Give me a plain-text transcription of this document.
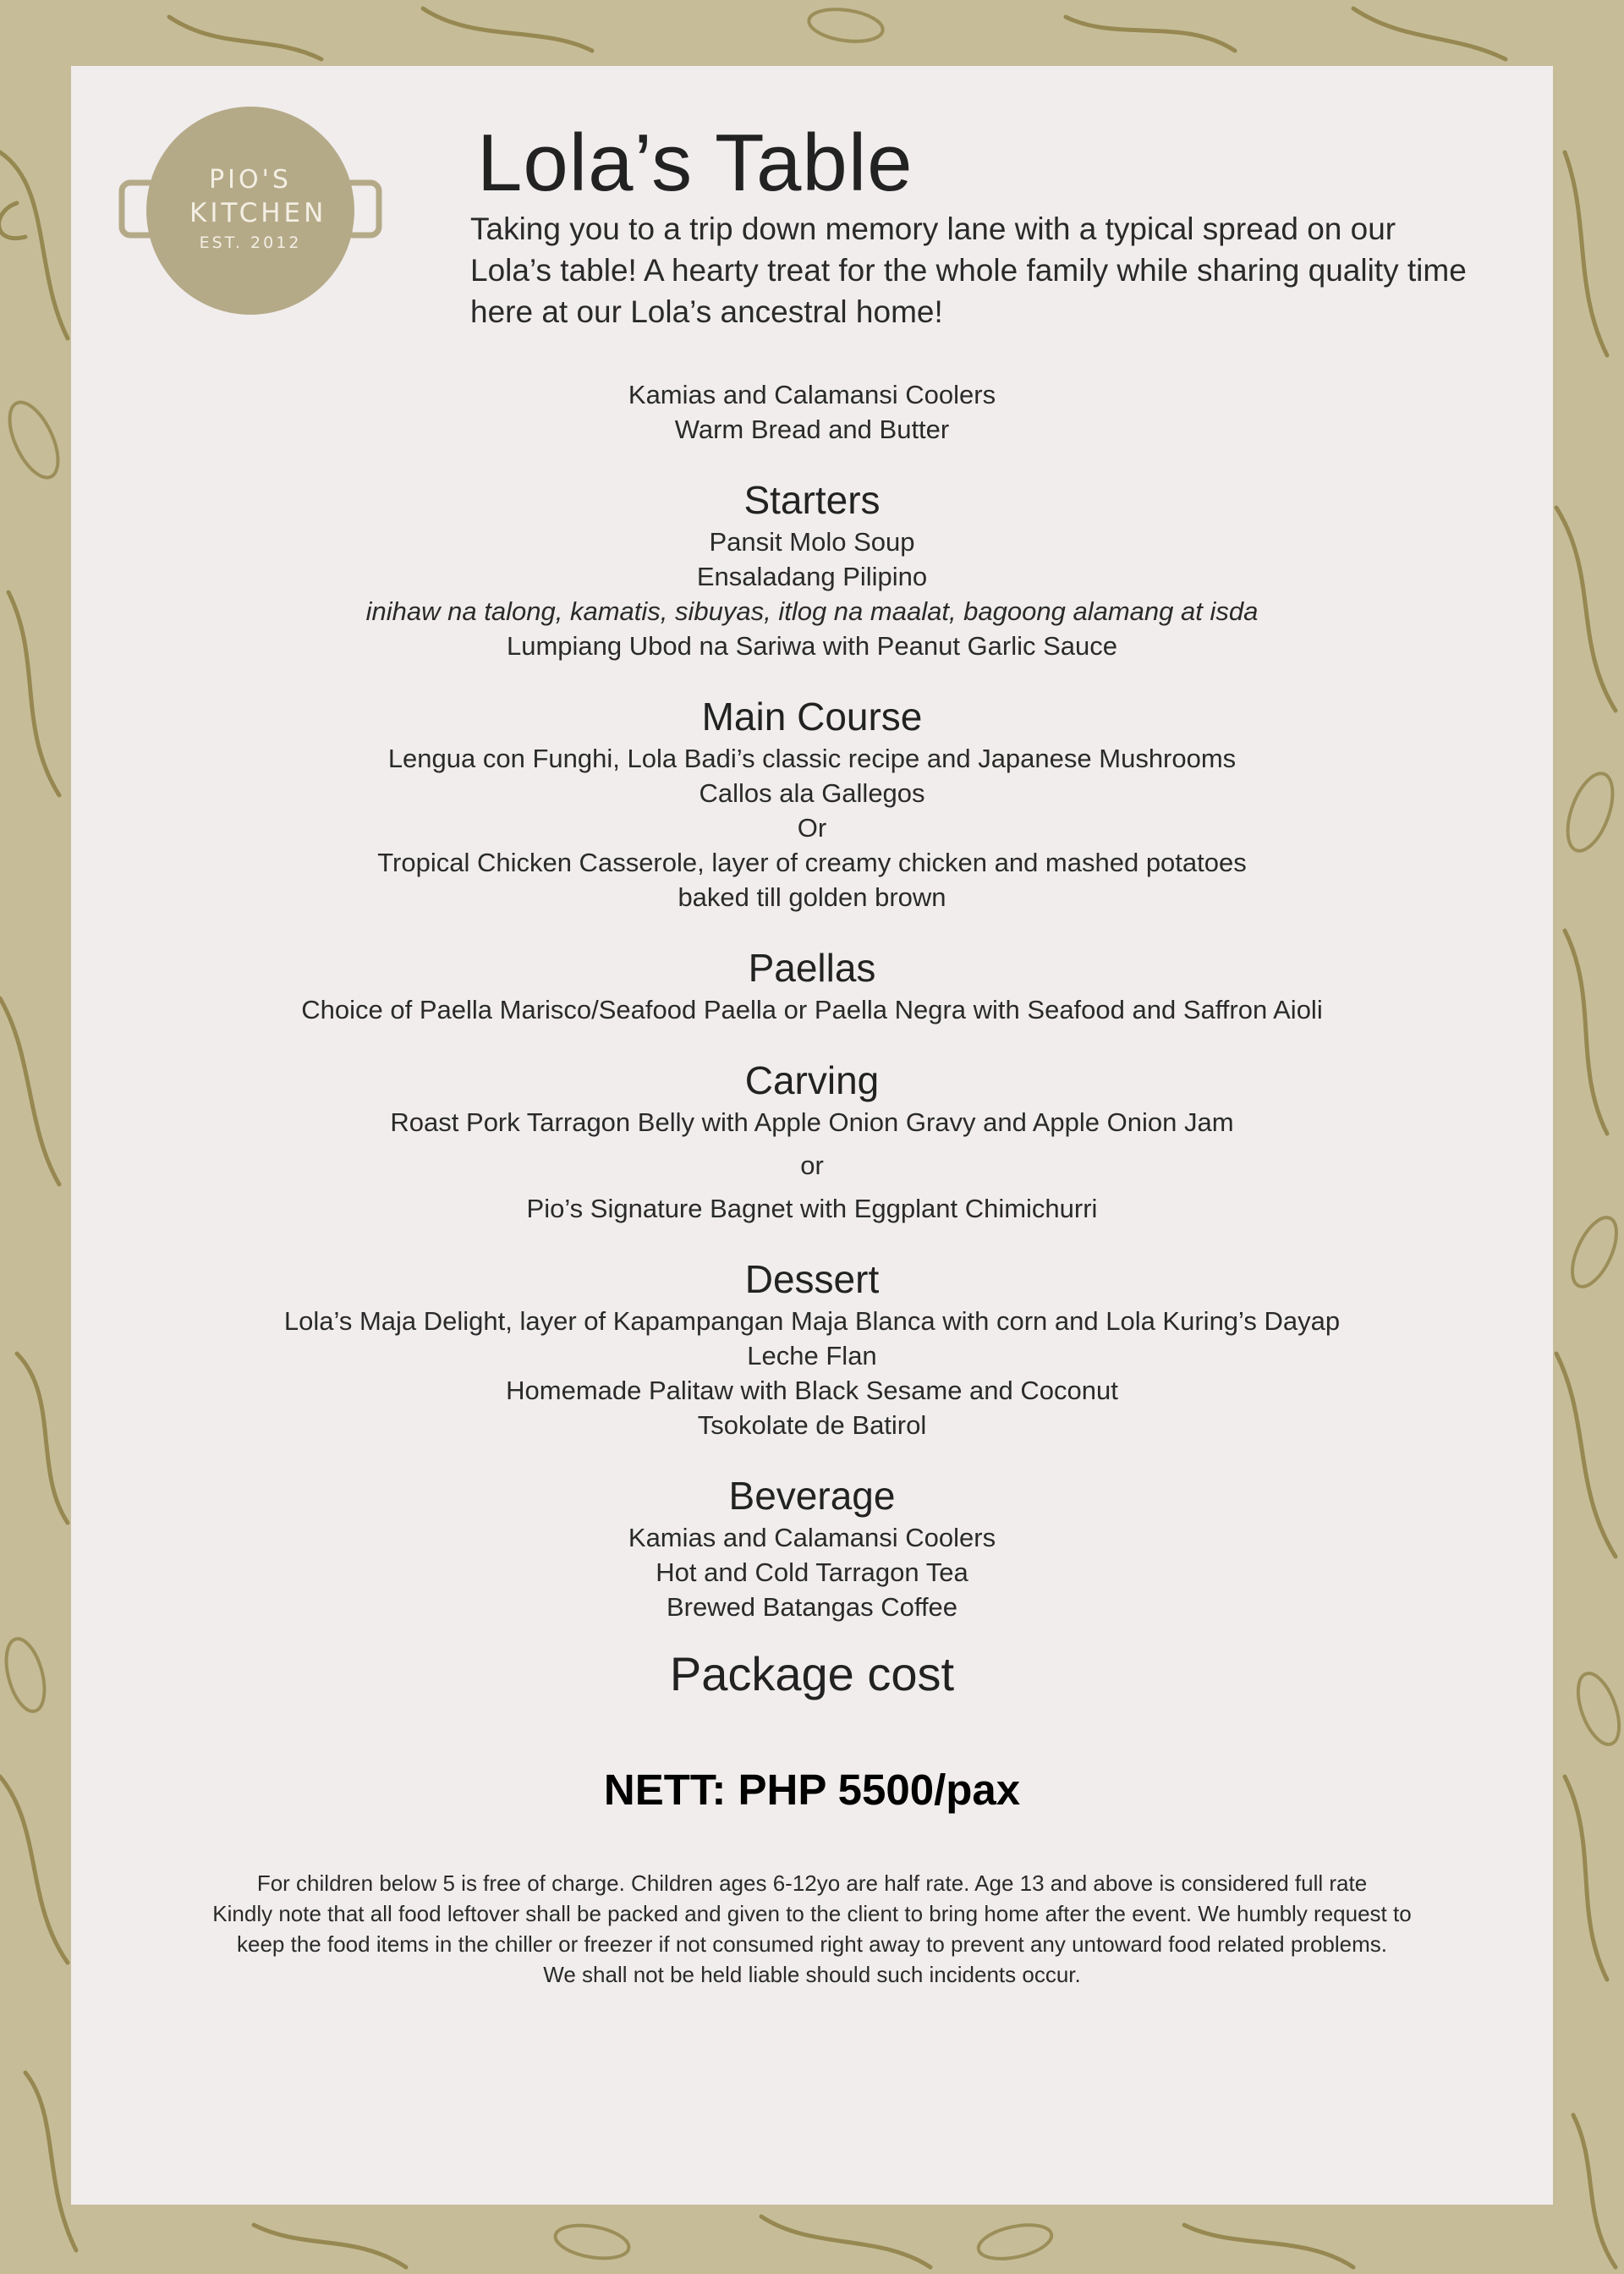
PIO'S
KITCHEN
EST. 2012
Lola’s Table

Taking you to a trip down memory lane with a typical spread on our Lola’s table! A hearty treat for the whole family while sharing quality time here at our Lola’s ancestral home!

Kamias and Calamansi Coolers
Warm Bread and Butter
Starters
Pansit Molo Soup
Ensaladang Pilipino
inihaw na talong, kamatis, sibuyas, itlog na maalat, bagoong alamang at isda
Lumpiang Ubod na Sariwa with Peanut Garlic Sauce
Main Course
Lengua con Funghi, Lola Badi’s classic recipe and Japanese Mushrooms
Callos ala Gallegos
Or
Tropical Chicken Casserole, layer of creamy chicken and mashed potatoes
baked till golden brown
Paellas
Choice of Paella Marisco/Seafood Paella or Paella Negra with Seafood and Saffron Aioli
Carving
Roast Pork Tarragon Belly with Apple Onion Gravy and Apple Onion Jam
or
Pio’s Signature Bagnet with Eggplant Chimichurri
Dessert
Lola’s Maja Delight, layer of Kapampangan Maja Blanca with corn and Lola Kuring’s Dayap
Leche Flan
Homemade Palitaw with Black Sesame and Coconut
Tsokolate de Batirol
Beverage
Kamias and Calamansi Coolers
Hot and Cold Tarragon Tea
Brewed Batangas Coffee
Package cost

NETT: PHP 5500/pax

For children below 5 is free of charge. Children ages 6-12yo are half rate. Age 13 and above is considered full rate
Kindly note that all food leftover shall be packed and given to the client to bring home after the event. We humbly request to
keep the food items in the chiller or freezer if not consumed right away to prevent any untoward food related problems.
We shall not be held liable should such incidents occur.
